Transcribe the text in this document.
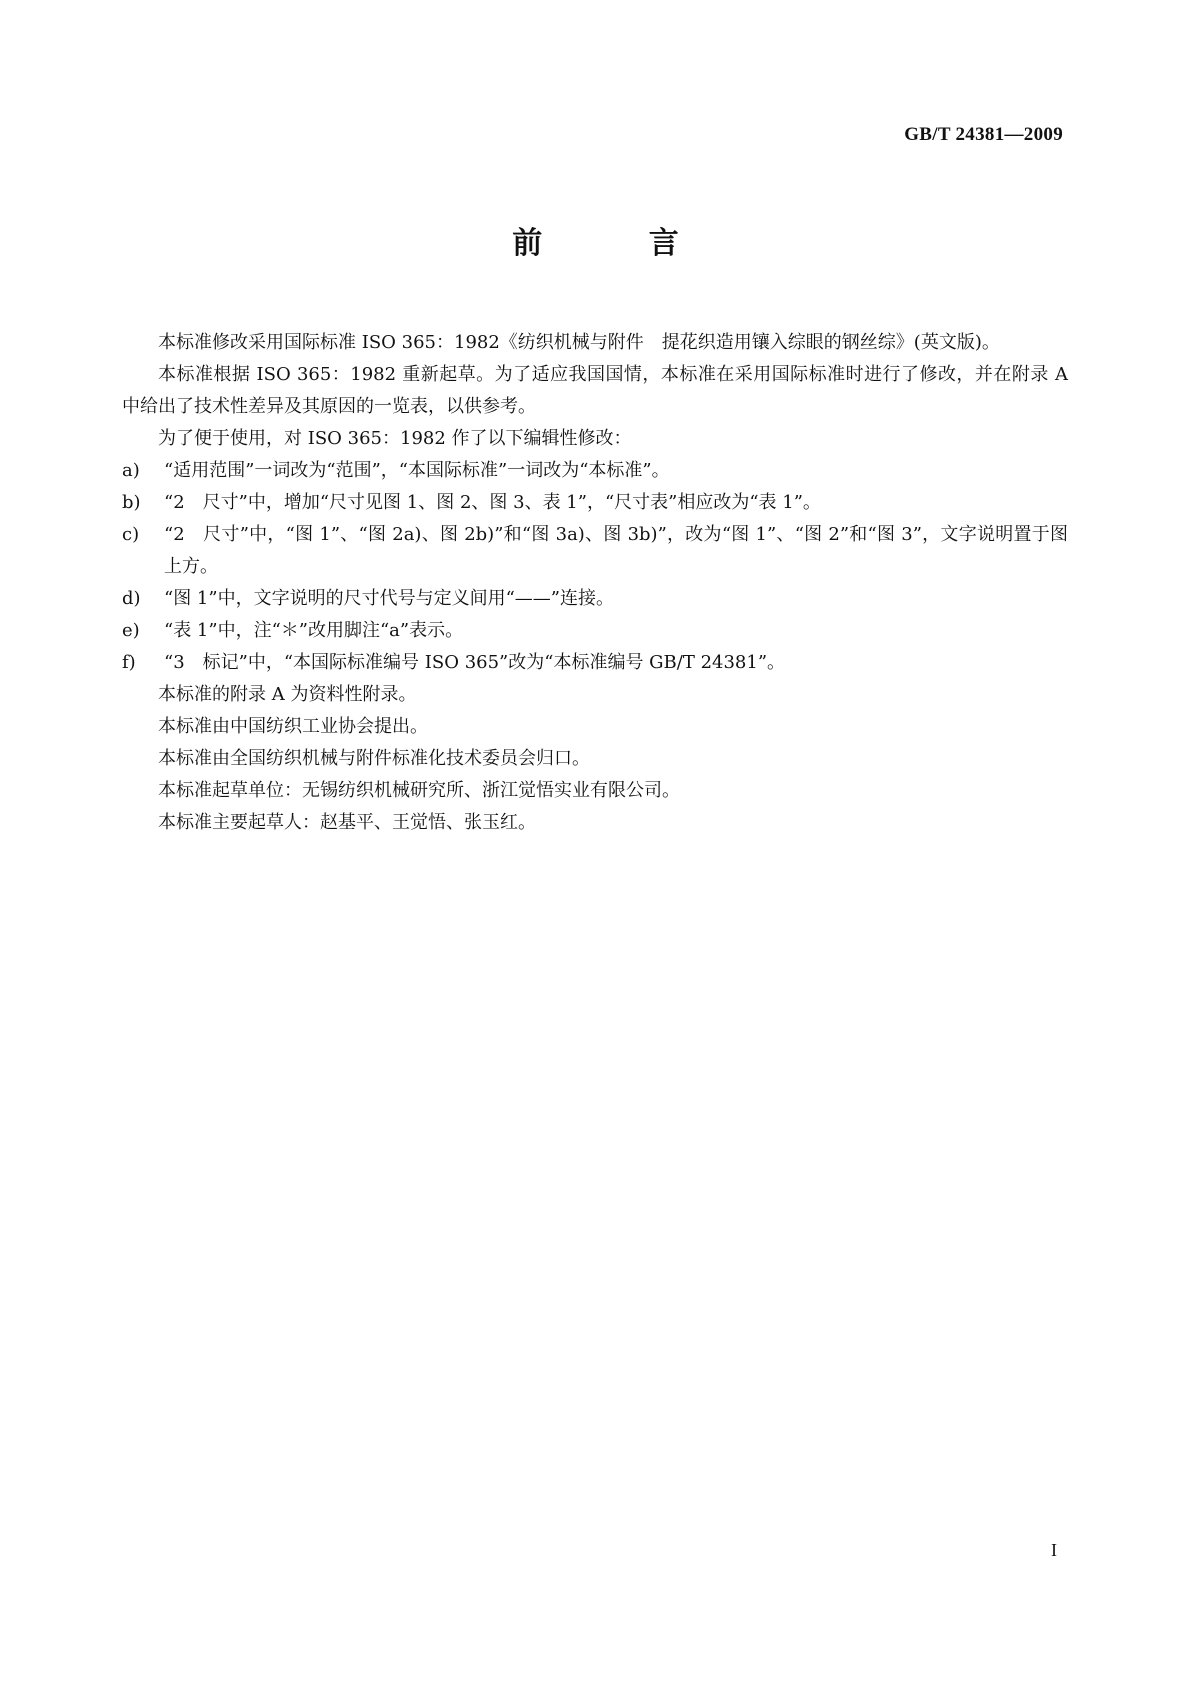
GB/T 24381—2009
前 言

本标准修改采用国际标准 ISO 365：1982《纺织机械与附件　提花织造用镶入综眼的钢丝综》(英文版)。

本标准根据 ISO 365：1982 重新起草。为了适应我国国情，本标准在采用国际标准时进行了修改，并在附录 A 中给出了技术性差异及其原因的一览表，以供参考。

为了便于使用，对 ISO 365：1982 作了以下编辑性修改：

a)	“适用范围”一词改为“范围”，“本国际标准”一词改为“本标准”。
b)	“2　尺寸”中，增加“尺寸见图 1、图 2、图 3、表 1”，“尺寸表”相应改为“表 1”。
c)	“2　尺寸”中，“图 1”、“图 2a)、图 2b)”和“图 3a)、图 3b)”，改为“图 1”、“图 2”和“图 3”，文字说明置于图上方。
d)	“图 1”中，文字说明的尺寸代号与定义间用“——”连接。
e)	“表 1”中，注“＊”改用脚注“a”表示。
f)	“3　标记”中，“本国际标准编号 ISO 365”改为“本标准编号 GB/T 24381”。

本标准的附录 A 为资料性附录。

本标准由中国纺织工业协会提出。

本标准由全国纺织机械与附件标准化技术委员会归口。

本标准起草单位：无锡纺织机械研究所、浙江觉悟实业有限公司。

本标准主要起草人：赵基平、王觉悟、张玉红。

I
